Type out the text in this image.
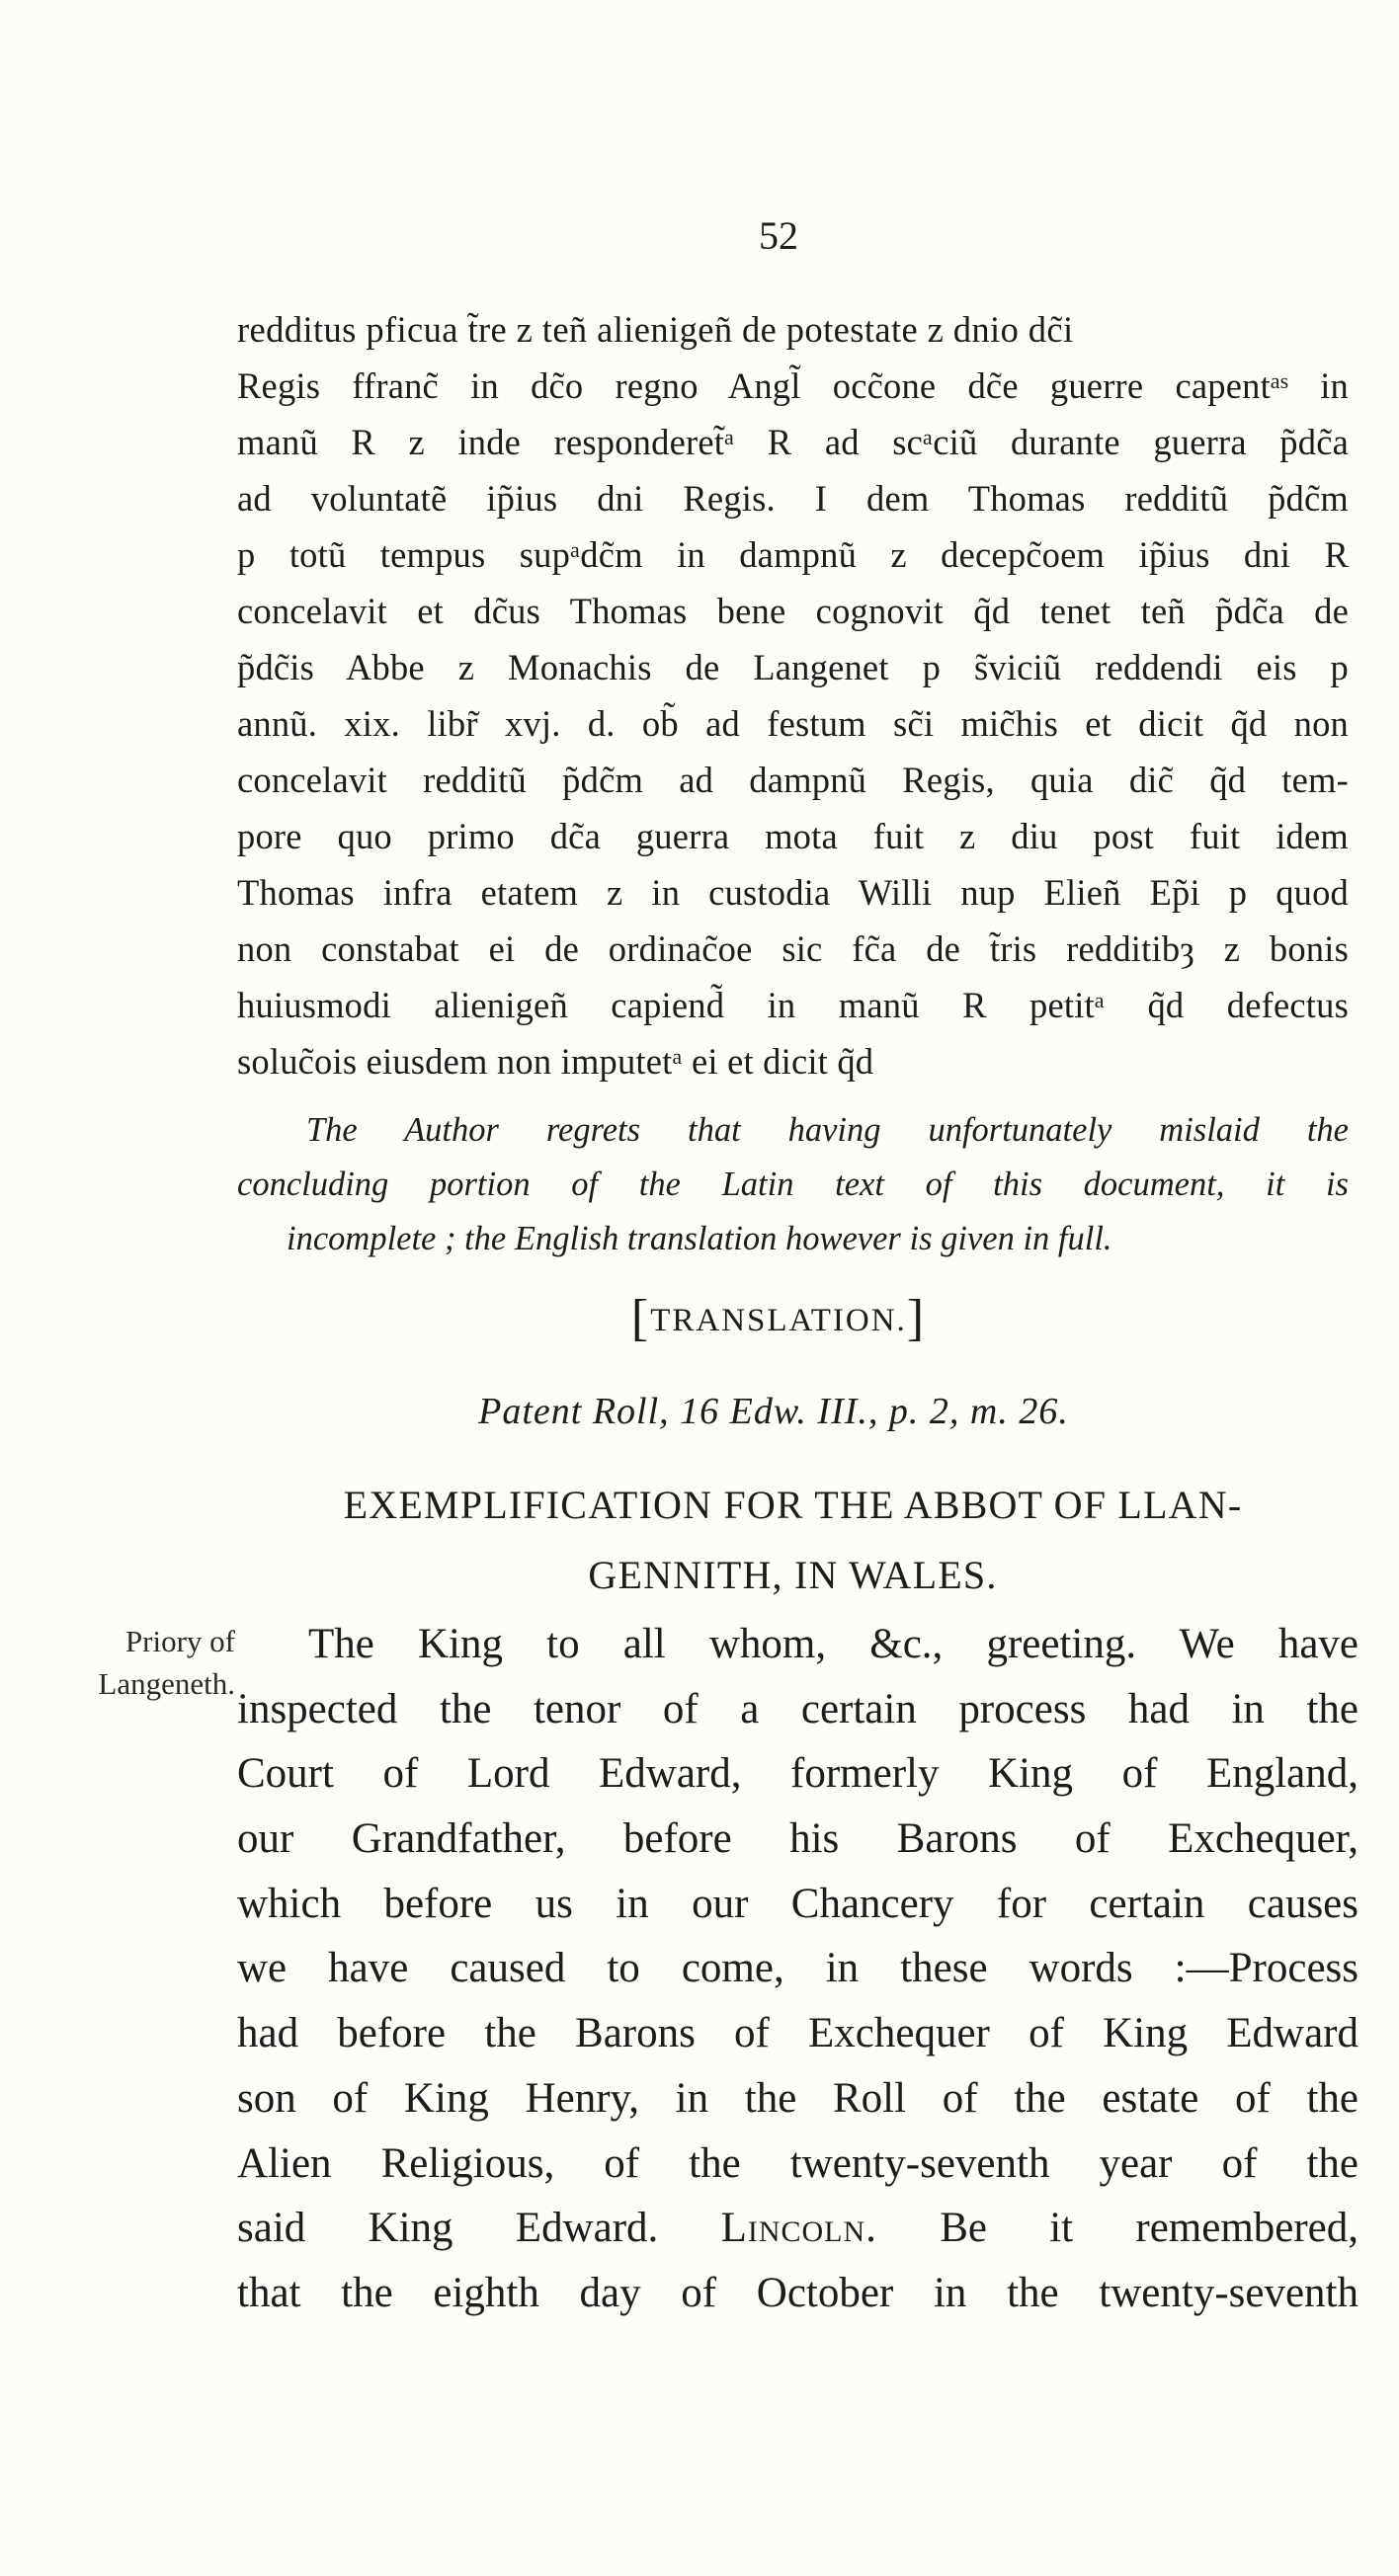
52
redditus pficua t̃re z teñ alienigeñ de potestate z dnio dc̃i
Regis ffranc̃ in dc̃o regno Angl̃ occ̃one dc̃e guerre capentᵃˢ in
manũ R z inde responderet̃ᵃ R ad scᵃciũ durante guerra p̃dc̃a
ad voluntatẽ ip̃ius dni Regis. I dem Thomas redditũ p̃dc̃m
p totũ tempus supᵃdc̃m in dampnũ z decepc̃oem ip̃ius dni R
concelavit et dc̃us Thomas bene cognovit q̃d tenet teñ p̃dc̃a de
p̃dc̃is Abbe z Monachis de Langenet p s̃viciũ reddendi eis p
annũ. xix. libr̃ xvj. d. ob̃ ad festum sc̃i mic̃his et dicit q̃d non
concelavit redditũ p̃dc̃m ad dampnũ Regis, quia dic̃ q̃d tem-
pore quo primo dc̃a guerra mota fuit z diu post fuit idem
Thomas infra etatem z in custodia Willi nup Elieñ Ep̃i p quod
non constabat ei de ordinac̃oe sic fc̃a de t̃ris redditibȝ z bonis
huiusmodi alienigeñ capiend̃ in manũ R petitᵃ q̃d defectus
soluc̃ois eiusdem non imputetᵃ ei et dicit q̃d
The Author regrets that having unfortunately mislaid the
concluding portion of the Latin text of this document, it is
incomplete ; the English translation however is given in full.
[TRANSLATION.]
Patent Roll, 16 Edw. III., p. 2, m. 26.
EXEMPLIFICATION FOR THE ABBOT OF LLAN-
GENNITH, IN WALES.
Priory of
Langeneth.
The King to all whom, &c., greeting. We have
inspected the tenor of a certain process had in the
Court of Lord Edward, formerly King of England,
our Grandfather, before his Barons of Exchequer,
which before us in our Chancery for certain causes
we have caused to come, in these words :—Process
had before the Barons of Exchequer of King Edward
son of King Henry, in the Roll of the estate of the
Alien Religious, of the twenty-seventh year of the
said King Edward. Lincoln. Be it remembered,
that the eighth day of October in the twenty-seventh
